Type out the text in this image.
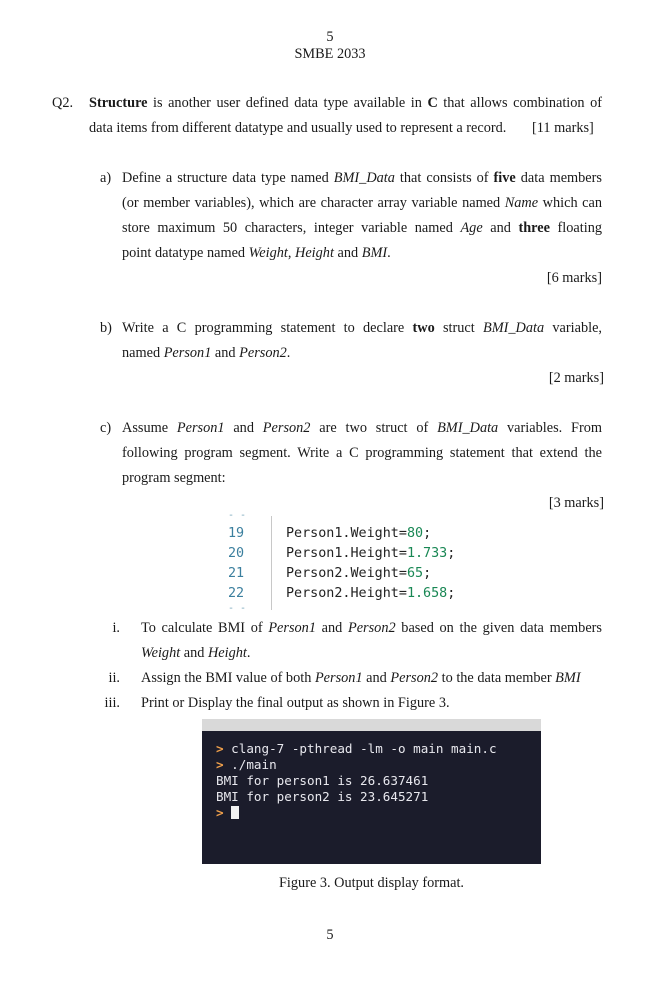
5
SMBE 2033
Q2. Structure is another user defined data type available in C that allows combination of
data items from different datatype and usually used to represent a record. [11 marks]
a) Define a structure data type named BMI_Data that consists of five data members
(or member variables), which are character array variable named Name which can
store maximum 50 characters, integer variable named Age and three floating
point datatype named Weight, Height and BMI.
[6 marks]
b) Write a C programming statement to declare two struct BMI_Data variable,
named Person1 and Person2.
[2 marks]
c) Assume Person1 and Person2 are two struct of BMI_Data variables. From
following program segment. Write a C programming statement that extend the
program segment:
[3 marks]
- -
19	Person1.Weight=80;
20	Person1.Height=1.733;
21	Person2.Weight=65;
22	Person2.Height=1.658;
- -
i. To calculate BMI of Person1 and Person2 based on the given data members
Weight and Height.
ii. Assign the BMI value of both Person1 and Person2 to the data member BMI
iii. Print or Display the final output as shown in Figure 3.
> clang-7 -pthread -lm -o main main.c
> ./main
BMI for person1 is 26.637461
BMI for person2 is 23.645271
>
Figure 3. Output display format.
5
